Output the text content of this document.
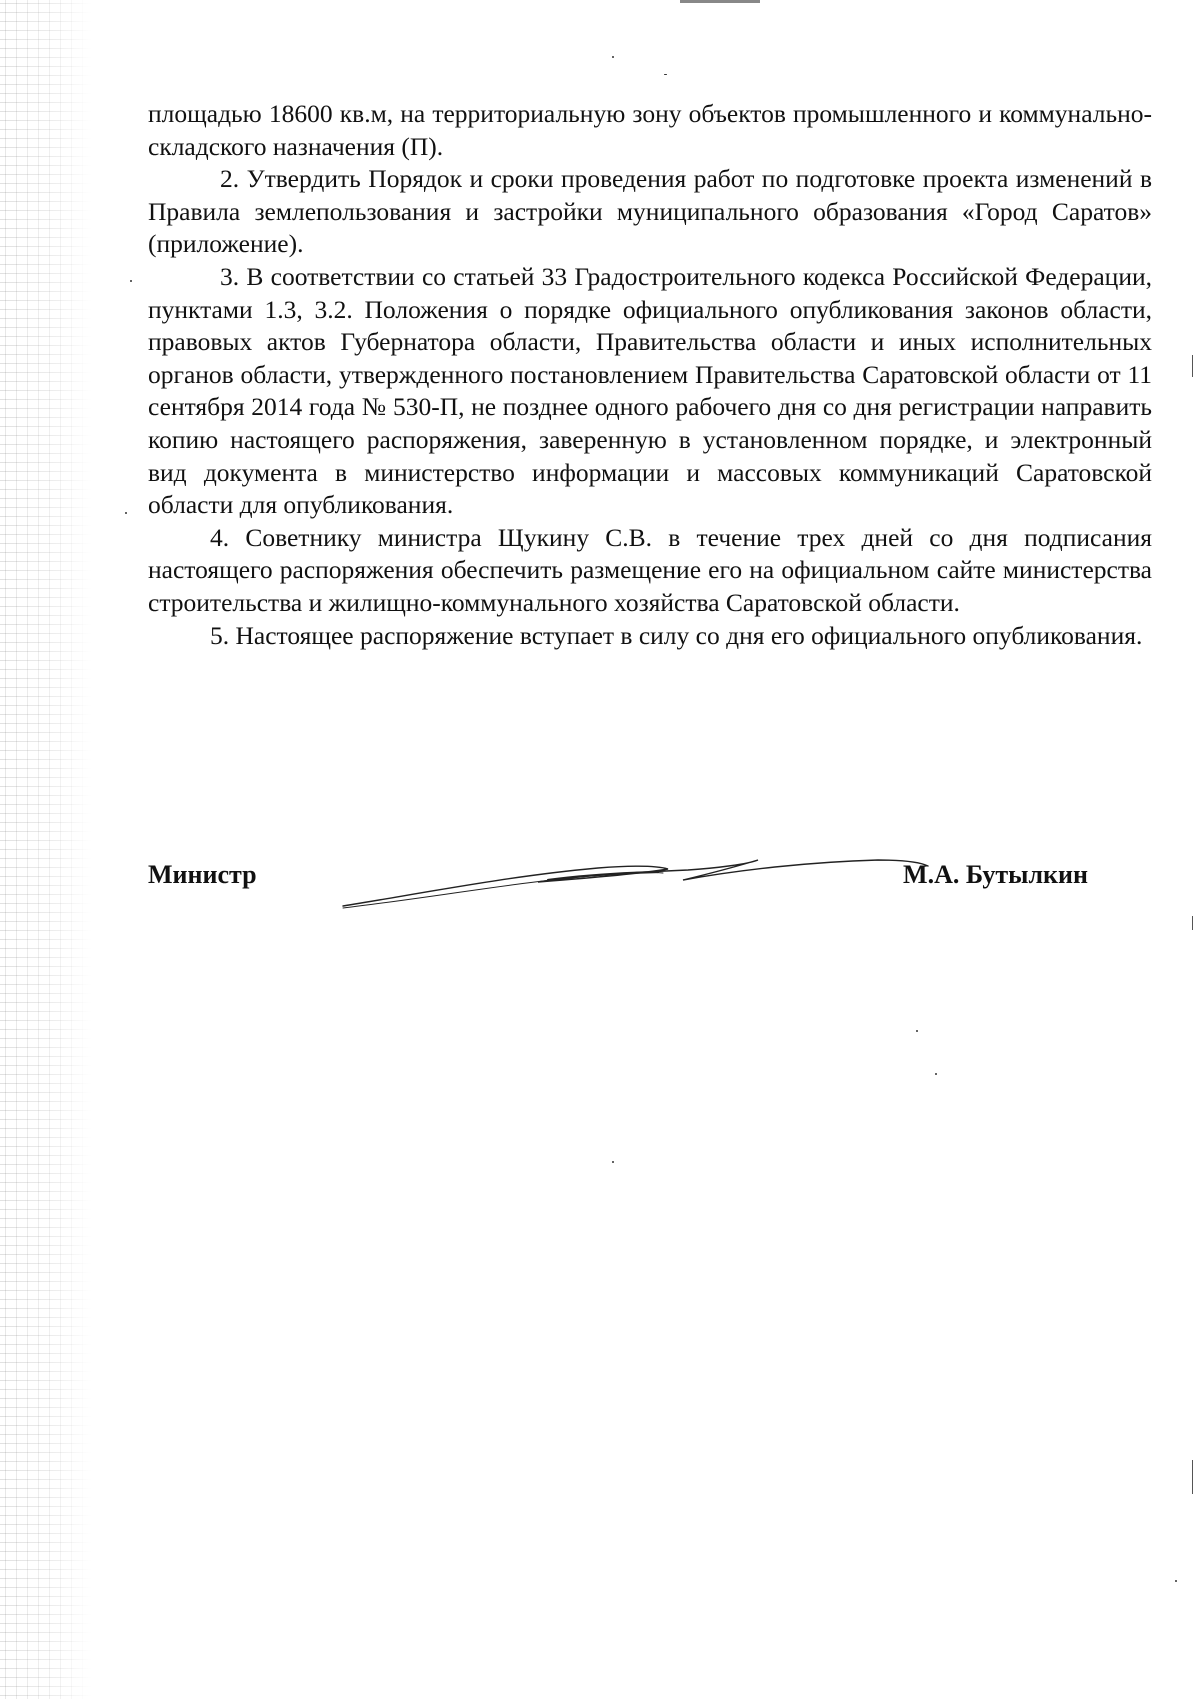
площадью 18600 кв.м, на территориальную зону объектов промышленного и коммунально-складского назначения (П).

2. Утвердить Порядок и сроки проведения работ по подготовке проекта изменений в Правила землепользования и застройки муниципального образования «Город Саратов» (приложение).

3. В соответствии со статьей 33 Градостроительного кодекса Российской Федерации, пунктами 1.3, 3.2. Положения о порядке официального опубликования законов области, правовых актов Губернатора области, Правительства области и иных исполнительных органов области, утвержденного постановлением Правительства Саратовской области от 11 сентября 2014 года № 530-П, не позднее одного рабочего дня со дня регистрации направить копию настоящего распоряжения, заверенную в установленном порядке, и электронный вид документа в министерство информации и массовых коммуникаций Саратовской области для опубликования.

4. Советнику министра Щукину С.В. в течение трех дней со дня подписания настоящего распоряжения обеспечить размещение его на официальном сайте министерства строительства и жилищно-коммунального хозяйства Саратовской области.

5. Настоящее распоряжение вступает в силу со дня его официального опубликования.

Министр	М.А. Бутылкин
